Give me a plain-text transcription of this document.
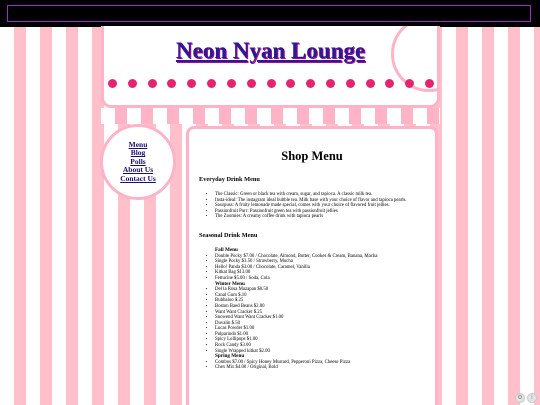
Neon Nyan Lounge
Menu
Blog
Polls
About Us
Contact Us
Shop Menu
Everyday Drink Menu
• The Classic: Green or black tea with cream, sugar, and tapioca. A classic milk tea.
• Insta-ideal: The instagram ideal bubble tea. Milk base with your choice of flavor and tapioca pearls.
• Sourpuss: A fruity lemonade made special, comes with your choice of flavored fruit jellies.
• Passionfruit Purr: Passionfruit green tea with passionfruit jellies
• The Zoomies: A creamy coffee drink with tapioca pearls
Seasonal Drink Menu
Fall Menu
• Double Pocky $7.00 / Chocolate, Almond, Butter, Cookes & Cream, Banana, Macha
• Single Pocky $3.50 / Strawberry, Mucha
• Hello! Panda $3.00 / Chocolate, Caramel, Vanilla
• Kitkat Bag $13.00
• Fettucine $5.00 / Soda, Cola
Winter Menu
• Del la Rosa Mazapan $0.50
• Canal Gum $.10
• Bubbaloo $.25
• Boston Baed Beans $2.00
• Want Want Cracker $.25
• Snowend Want Want Cracker $1.00
• Duvalin $.50
• Lucas Powder $1.00
• Pulparindo $1.00
• Spicy Lollipops $1.00
• Rock Candy $3.00
• Single Wrapped kitkat $2.00
Spring Menu
• Combos $7.00 / Spicy Honey Mustard, Pepperoni Pizza, Cheese Pizza
• Chex Mix $4.00 / Original, Bold
⚙	i
